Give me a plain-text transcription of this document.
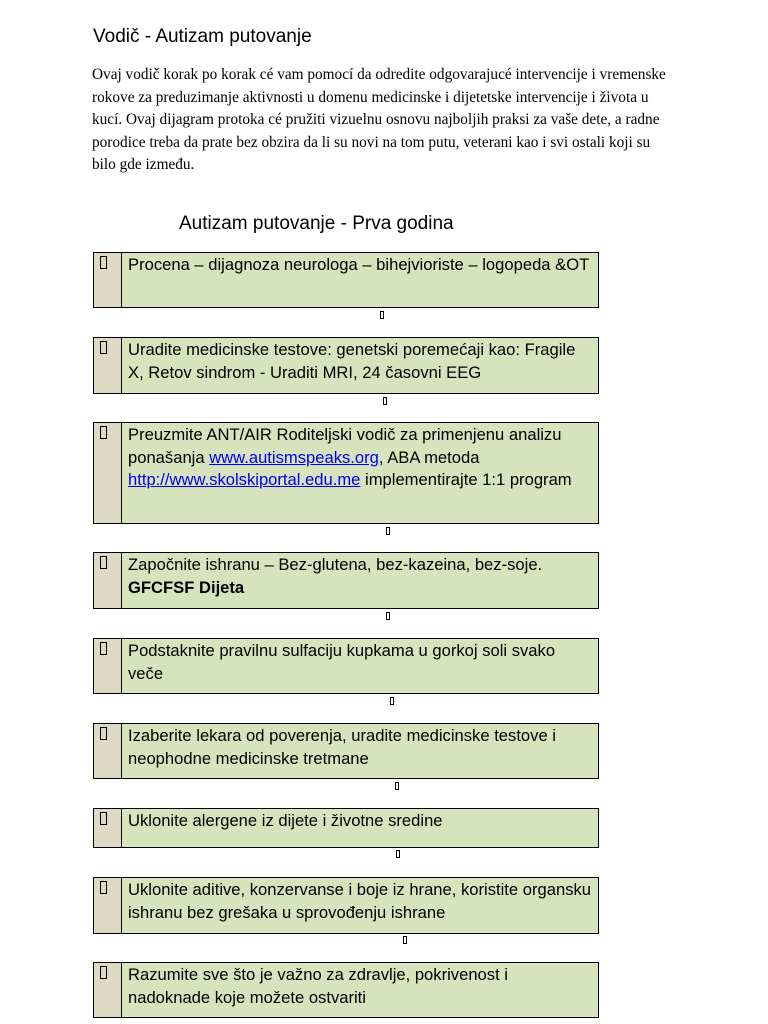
Vodič - Autizam putovanje
Ovaj vodič korak po korak cé vam pomocí da odredite odgovarajucé intervencije i vremenske rokove za preduzimanje aktivnosti u domenu medicinske i dijetetske intervencije i života u kucí. Ovaj dijagram protoka cé pružiti vizuelnu osnovu najboljih praksi za vaše dete, a radne porodice treba da prate bez obzira da li su novi na tom putu, veterani kao i svi ostali koji su bilo gde između.
Autizam putovanje - Prva godina
Procena – dijagnoza neurologa – bihejvioriste – logopeda &OT
Uradite medicinske testove: genetski poremećaji kao: Fragile X, Retov sindrom - Uraditi MRI, 24 časovni EEG
Preuzmite ANT/AIR Roditeljski vodič za primenjenu analizu ponašanja www.autismspeaks.org, ABA metoda http://www.skolskiportal.edu.me implementirajte 1:1 program
Započnite ishranu – Bez-glutena, bez-kazeina, bez-soje.
GFCFSF Dijeta
Podstaknite pravilnu sulfaciju kupkama u gorkoj soli svako veče
Izaberite lekara od poverenja, uradite medicinske testove i neophodne medicinske tretmane
Uklonite alergene iz dijete i životne sredine
Uklonite aditive, konzervanse i boje iz hrane, koristite organsku ishranu bez grešaka u sprovođenju ishrane
Razumite sve što je važno za zdravlje, pokrivenost i nadoknade koje možete ostvariti
